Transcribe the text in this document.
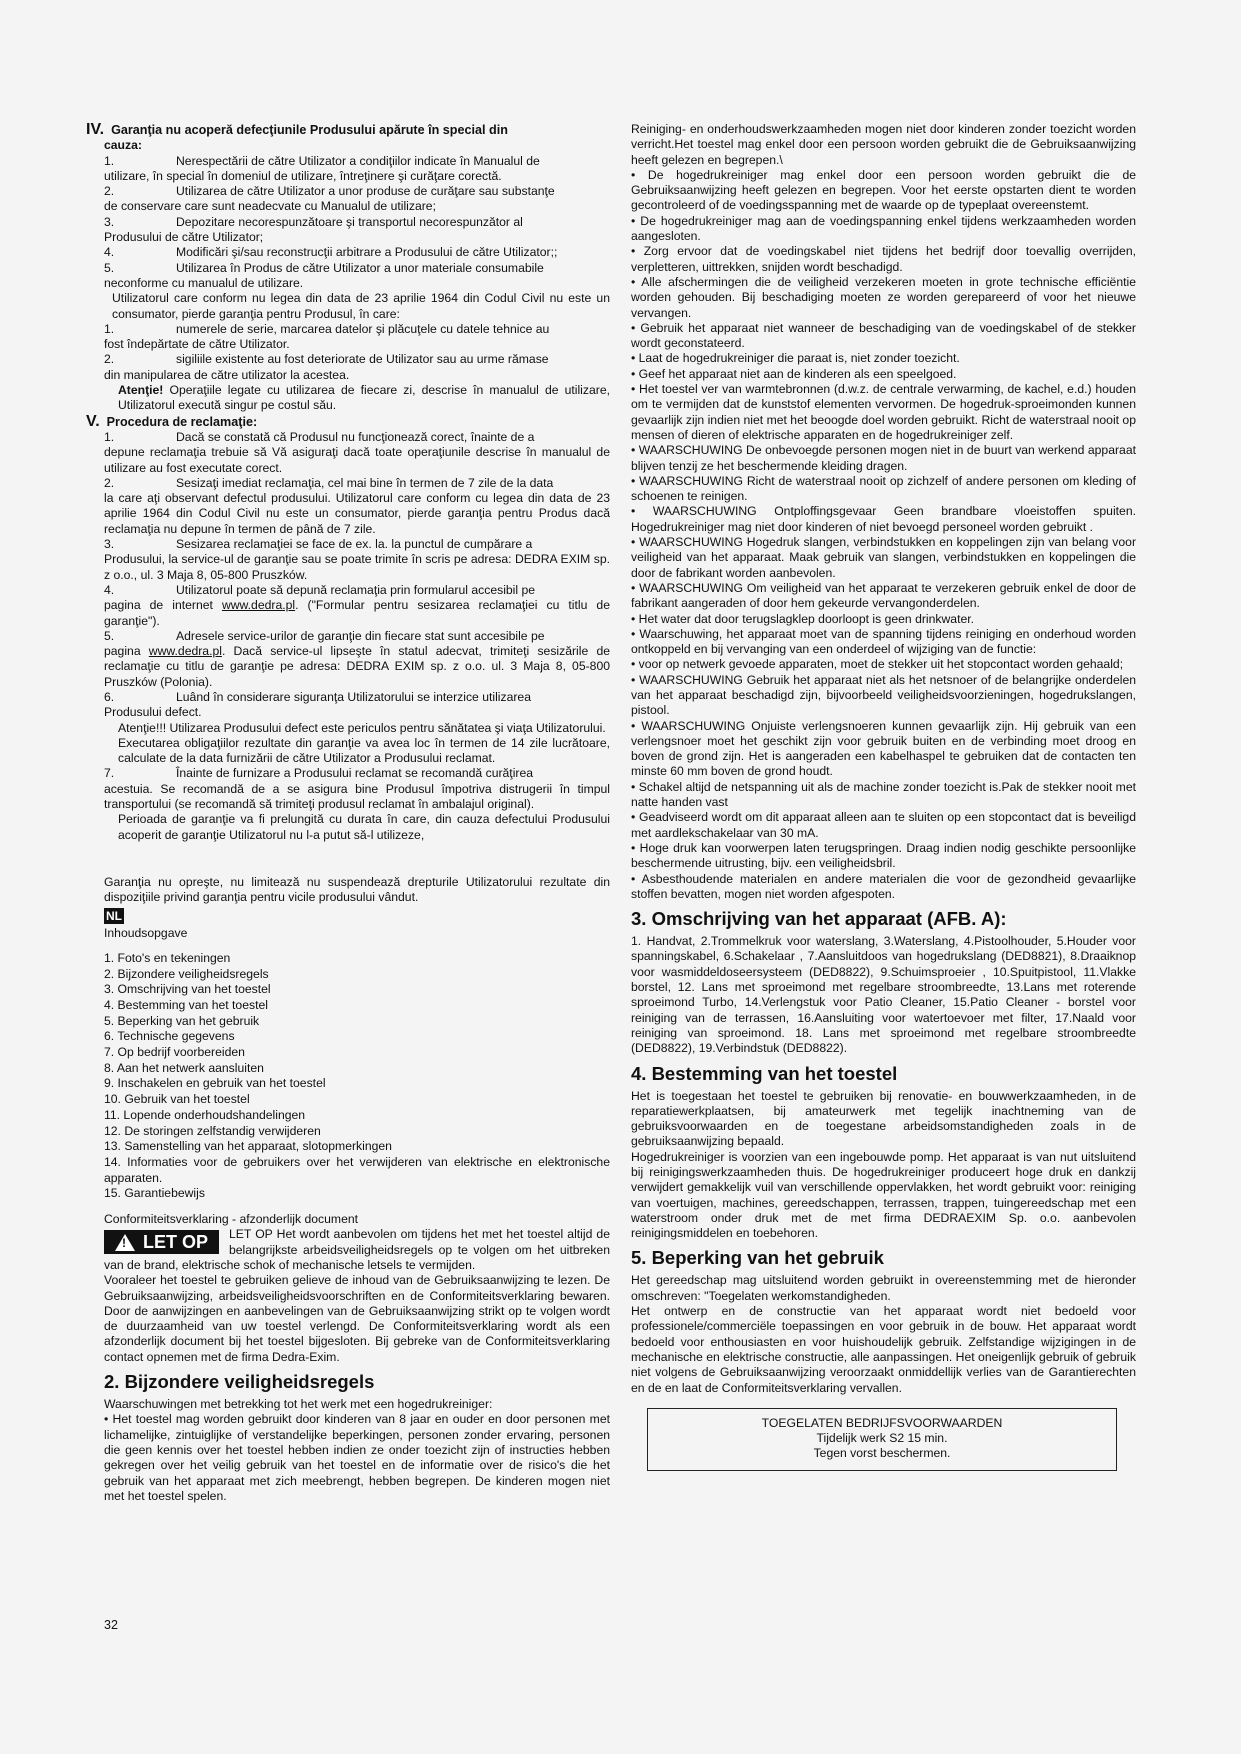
IV. Garanţia nu acoperă defecţiunile Produsului apărute în special din

cauza:

1.	Nerespectării de către Utilizator a condiţiilor indicate în Manualul de

utilizare, în special în domeniul de utilizare, întreţinere şi curăţare corectă.

2.	Utilizarea de către Utilizator a unor produse de curăţare sau substanţe

de conservare care sunt neadecvate cu Manualul de utilizare;

3.	Depozitare necorespunzătoare şi transportul necorespunzător al

Produsului de către Utilizator;

4.	Modificări şi/sau reconstrucţii arbitrare a Produsului de către Utilizator;;
5.	Utilizarea în Produs de către Utilizator a unor materiale consumabile

neconforme cu manualul de utilizare.

Utilizatorul care conform nu legea din data de 23 aprilie 1964 din Codul Civil nu este un consumator, pierde garanţia pentru Produsul, în care:

1.	numerele de serie, marcarea datelor şi plăcuţele cu datele tehnice au

fost îndepărtate de către Utilizator.

2.	sigiliile existente au fost deteriorate de Utilizator sau au urme rămase

din manipularea de către utilizator la acestea.

Atenţie! Operaţiile legate cu utilizarea de fiecare zi, descrise în manualul de utilizare, Utilizatorul execută singur pe costul său.

V. Procedura de reclamaţie:

1.	Dacă se constată că Produsul nu funcţionează corect, înainte de a

depune reclamaţia trebuie să Vă asiguraţi dacă toate operaţiunile descrise în manualul de utilizare au fost executate corect.

2.	Sesizaţi imediat reclamaţia, cel mai bine în termen de 7 zile de la data

la care aţi observant defectul produsului. Utilizatorul care conform cu legea din data de 23 aprilie 1964 din Codul Civil nu este un consumator, pierde garanţia pentru Produs dacă reclamaţia nu depune în termen de până de 7 zile.

3.	Sesizarea reclamaţiei se face de ex. la. la punctul de cumpărare a

Produsului, la service-ul de garanţie sau se poate trimite în scris pe adresa: DEDRA EXIM sp. z o.o., ul. 3 Maja 8, 05-800 Pruszków.

4.	Utilizatorul poate să depună reclamaţia prin formularul accesibil pe

pagina de internet www.dedra.pl. ("Formular pentru sesizarea reclamaţiei cu titlu de garanţie").

5.	Adresele service-urilor de garanţie din fiecare stat sunt accesibile pe

pagina www.dedra.pl. Dacă service-ul lipseşte în statul adecvat, trimiteţi sesizările de reclamaţie cu titlu de garanţie pe adresa: DEDRA EXIM sp. z o.o. ul. 3 Maja 8, 05-800 Pruszków (Polonia).

6.	Luând în considerare siguranţa Utilizatorului se interzice utilizarea

Produsului defect.

Atenţie!!! Utilizarea Produsului defect este periculos pentru sănătatea şi viaţa Utilizatorului.

Executarea obligaţiilor rezultate din garanţie va avea loc în termen de 14 zile lucrătoare, calculate de la data furnizării de către Utilizator a Produsului reclamat.

7.	Înainte de furnizare a Produsului reclamat se recomandă curăţirea

acestuia. Se recomandă de a se asigura bine Produsul împotriva distrugerii în timpul transportului (se recomandă să trimiteţi produsul reclamat în ambalajul original).

Perioada de garanţie va fi prelungită cu durata în care, din cauza defectului Produsului acoperit de garanţie Utilizatorul nu l-a putut să-l utilizeze,

Garanţia nu opreşte, nu limitează nu suspendează drepturile Utilizatorului rezultate din dispoziţiile privind garanţia pentru vicile produsului vândut.

NL

Inhoudsopgave

1. Foto's en tekeningen

2. Bijzondere veiligheidsregels

3. Omschrijving van het toestel

4. Bestemming van het toestel

5. Beperking van het gebruik

6. Technische gegevens

7. Op bedrijf voorbereiden

8. Aan het netwerk aansluiten

9. Inschakelen en gebruik van het toestel

10. Gebruik van het toestel

11. Lopende onderhoudshandelingen

12. De storingen zelfstandig verwijderen

13. Samenstelling van het apparaat, slotopmerkingen

14. Informaties voor de gebruikers over het verwijderen van elektrische en elektronische apparaten.

15. Garantiebewijs

Conformiteitsverklaring - afzonderlijk document

! LET OP	LET OP Het wordt aanbevolen om tijdens het met het toestel altijd de belangrijkste arbeidsveiligheidsregels op te volgen om het uitbreken van de brand, elektrische schok of mechanische letsels te vermijden.

Vooraleer het toestel te gebruiken gelieve de inhoud van de Gebruiksaanwijzing te lezen. De Gebruiksaanwijzing, arbeidsveiligheidsvoorschriften en de Conformiteitsverklaring bewaren. Door de aanwijzingen en aanbevelingen van de Gebruiksaanwijzing strikt op te volgen wordt de duurzaamheid van uw toestel verlengd. De Conformiteitsverklaring wordt als een afzonderlijk document bij het toestel bijgesloten. Bij gebreke van de Conformiteitsverklaring contact opnemen met de firma Dedra-Exim.

2. Bijzondere veiligheidsregels

Waarschuwingen met betrekking tot het werk met een hogedrukreiniger:

• Het toestel mag worden gebruikt door kinderen van 8 jaar en ouder en door personen met lichamelijke, zintuiglijke of verstandelijke beperkingen, personen zonder ervaring, personen die geen kennis over het toestel hebben indien ze onder toezicht zijn of instructies hebben gekregen over het veilig gebruik van het toestel en de informatie over de risico's die het gebruik van het apparaat met zich meebrengt, hebben begrepen. De kinderen mogen niet met het toestel spelen.

Reiniging- en onderhoudswerkzaamheden mogen niet door kinderen zonder toezicht worden verricht.Het toestel mag enkel door een persoon worden gebruikt die de Gebruiksaanwijzing heeft gelezen en begrepen.\

• De hogedrukreiniger mag enkel door een persoon worden gebruikt die de Gebruiksaanwijzing heeft gelezen en begrepen. Voor het eerste opstarten dient te worden gecontroleerd of de voedingsspanning met de waarde op de typeplaat overeenstemt.

• De hogedrukreiniger mag aan de voedingspanning enkel tijdens werkzaamheden worden aangesloten.

• Zorg ervoor dat de voedingskabel niet tijdens het bedrijf door toevallig overrijden, verpletteren, uittrekken, snijden wordt beschadigd.

• Alle afschermingen die de veiligheid verzekeren moeten in grote technische efficiëntie worden gehouden. Bij beschadiging moeten ze worden gerepareerd of voor het nieuwe vervangen.

• Gebruik het apparaat niet wanneer de beschadiging van de voedingskabel of de stekker wordt geconstateerd.

• Laat de hogedrukreiniger die paraat is, niet zonder toezicht.

• Geef het apparaat niet aan de kinderen als een speelgoed.

• Het toestel ver van warmtebronnen (d.w.z. de centrale verwarming, de kachel, e.d.) houden om te vermijden dat de kunststof elementen vervormen. De hogedruk-sproeimonden kunnen gevaarlijk zijn indien niet met het beoogde doel worden gebruikt. Richt de waterstraal nooit op mensen of dieren of elektrische apparaten en de hogedrukreiniger zelf.

• WAARSCHUWING De onbevoegde personen mogen niet in de buurt van werkend apparaat blijven tenzij ze het beschermende kleiding dragen.

• WAARSCHUWING Richt de waterstraal nooit op zichzelf of andere personen om kleding of schoenen te reinigen.

• WAARSCHUWING Ontploffingsgevaar Geen brandbare vloeistoffen spuiten. Hogedrukreiniger mag niet door kinderen of niet bevoegd personeel worden gebruikt .

• WAARSCHUWING Hogedruk slangen, verbindstukken en koppelingen zijn van belang voor veiligheid van het apparaat. Maak gebruik van slangen, verbindstukken en koppelingen die door de fabrikant worden aanbevolen.

• WAARSCHUWING Om veiligheid van het apparaat te verzekeren gebruik enkel de door de fabrikant aangeraden of door hem gekeurde vervangonderdelen.

• Het water dat door terugslagklep doorloopt is geen drinkwater.

• Waarschuwing, het apparaat moet van de spanning tijdens reiniging en onderhoud worden ontkoppeld en bij vervanging van een onderdeel of wijziging van de functie:

• voor op netwerk gevoede apparaten, moet de stekker uit het stopcontact worden gehaald;

• WAARSCHUWING Gebruik het apparaat niet als het netsnoer of de belangrijke onderdelen van het apparaat beschadigd zijn, bijvoorbeeld veiligheidsvoorzieningen, hogedrukslangen, pistool.

• WAARSCHUWING Onjuiste verlengsnoeren kunnen gevaarlijk zijn. Hij gebruik van een verlengsnoer moet het geschikt zijn voor gebruik buiten en de verbinding moet droog en boven de grond zijn. Het is aangeraden een kabelhaspel te gebruiken dat de contacten ten minste 60 mm boven de grond houdt.

• Schakel altijd de netspanning uit als de machine zonder toezicht is.Pak de stekker nooit met natte handen vast

• Geadviseerd wordt om dit apparaat alleen aan te sluiten op een stopcontact dat is beveiligd met aardlekschakelaar van 30 mA.

• Hoge druk kan voorwerpen laten terugspringen. Draag indien nodig geschikte persoonlijke beschermende uitrusting, bijv. een veiligheidsbril.

• Asbesthoudende materialen en andere materialen die voor de gezondheid gevaarlijke stoffen bevatten, mogen niet worden afgespoten.

3. Omschrijving van het apparaat (AFB. A):

1. Handvat, 2.Trommelkruk voor waterslang, 3.Waterslang, 4.Pistoolhouder, 5.Houder voor spanningskabel, 6.Schakelaar , 7.Aansluitdoos van hogedrukslang (DED8821), 8.Draaiknop voor wasmiddeldoseersysteem (DED8822), 9.Schuimsproeier , 10.Spuitpistool, 11.Vlakke borstel, 12. Lans met sproeimond met regelbare stroombreedte, 13.Lans met roterende sproeimond Turbo, 14.Verlengstuk voor Patio Cleaner, 15.Patio Cleaner - borstel voor reiniging van de terrassen, 16.Aansluiting voor watertoevoer met filter, 17.Naald voor reiniging van sproeimond. 18. Lans met sproeimond met regelbare stroombreedte (DED8822), 19.Verbindstuk (DED8822).

4. Bestemming van het toestel

Het is toegestaan het toestel te gebruiken bij renovatie- en bouwwerkzaamheden, in de reparatiewerkplaatsen, bij amateurwerk met tegelijk inachtneming van de gebruiksvoorwaarden en de toegestane arbeidsomstandigheden zoals in de gebruiksaanwijzing bepaald.

Hogedrukreiniger is voorzien van een ingebouwde pomp. Het apparaat is van nut uitsluitend bij reinigingswerkzaamheden thuis. De hogedrukreiniger produceert hoge druk en dankzij verwijdert gemakkelijk vuil van verschillende oppervlakken, het wordt gebruikt voor: reiniging van voertuigen, machines, gereedschappen, terrassen, trappen, tuingereedschap met een waterstroom onder druk met de met firma DEDRAEXIM Sp. o.o. aanbevolen reinigingsmiddelen en toebehoren.

5. Beperking van het gebruik

Het gereedschap mag uitsluitend worden gebruikt in overeenstemming met de hieronder omschreven: "Toegelaten werkomstandigheden.

Het ontwerp en de constructie van het apparaat wordt niet bedoeld voor professionele/commerciële toepassingen en voor gebruik in de bouw. Het apparaat wordt bedoeld voor enthousiasten en voor huishoudelijk gebruik. Zelfstandige wijzigingen in de mechanische en elektrische constructie, alle aanpassingen. Het oneigenlijk gebruik of gebruik niet volgens de Gebruiksaanwijzing veroorzaakt onmiddellijk verlies van de Garantierechten en de en laat de Conformiteitsverklaring vervallen.

TOEGELATEN BEDRIJFSVOORWAARDEN

Tijdelijk werk S2 15 min.

Tegen vorst beschermen.

32
